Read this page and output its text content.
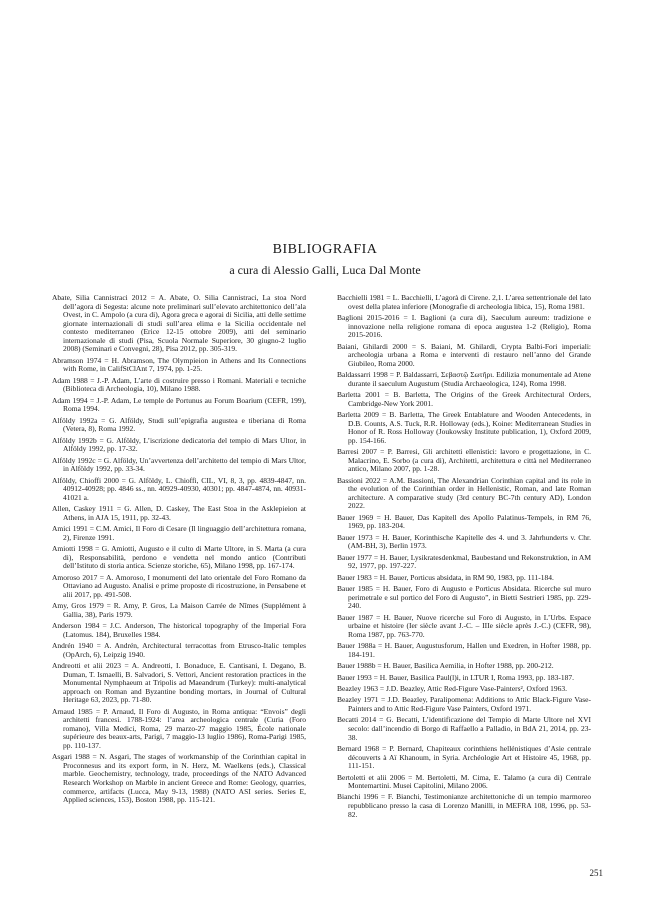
BIBLIOGRAFIA
a cura di Alessio Galli, Luca Dal Monte

Abate, Silia Cannistraci 2012 = A. Abate, O. Silia Cannistraci, La stoa Nord dell’agora di Segesta: alcune note preliminari sull’elevato architettonico dell’ala Ovest, in C. Ampolo (a cura di), Agora greca e agorai di Sicilia, atti delle settime giornate internazionali di studi sull’area elima e la Sicilia occidentale nel contesto mediterraneo (Erice 12-15 ottobre 2009), atti del seminario internazionale di studi (Pisa, Scuola Normale Superiore, 30 giugno-2 luglio 2008) (Seminari e Convegni, 28), Pisa 2012, pp. 305-319.

Abramson 1974 = H. Abramson, The Olympieion in Athens and Its Connections with Rome, in CalifStClAnt 7, 1974, pp. 1-25.

Adam 1988 = J.-P. Adam, L’arte di costruire presso i Romani. Materiali e tecniche (Biblioteca di Archeologia, 10), Milano 1988.

Adam 1994 = J.-P. Adam, Le temple de Portunus au Forum Boarium (CEFR, 199), Roma 1994.

Alföldy 1992a = G. Alföldy, Studi sull’epigrafia augustea e tiberiana di Roma (Vetera, 8), Roma 1992.

Alföldy 1992b = G. Alföldy, L’iscrizione dedicatoria del tempio di Mars Ultor, in Alföldy 1992, pp. 17-32.

Alföldy 1992c = G. Alföldy, Un’avvertenza dell’architetto del tempio di Mars Ultor, in Alföldy 1992, pp. 33-34.

Alföldy, Chioffi 2000 = G. Alföldy, L. Chioffi, CIL, VI, 8, 3, pp. 4839-4847, nn. 40912-40928; pp. 4846 ss., nn. 40929-40930, 40301; pp. 4847-4874, nn. 40931-41021 a.

Allen, Caskey 1911 = G. Allen, D. Caskey, The East Stoa in the Asklepieion at Athens, in AJA 15, 1911, pp. 32-43.

Amici 1991 = C.M. Amici, Il Foro di Cesare (Il linguaggio dell’architettura romana, 2), Firenze 1991.

Amiotti 1998 = G. Amiotti, Augusto e il culto di Marte Ultore, in S. Marta (a cura di), Responsabilità, perdono e vendetta nel mondo antico (Contributi dell’Istituto di storia antica. Scienze storiche, 65), Milano 1998, pp. 167-174.

Amoroso 2017 = A. Amoroso, I monumenti del lato orientale del Foro Romano da Ottaviano ad Augusto. Analisi e prime proposte di ricostruzione, in Pensabene et alii 2017, pp. 491-508.

Amy, Gros 1979 = R. Amy, P. Gros, La Maison Carrée de Nîmes (Supplément à Gallia, 38), Paris 1979.

Anderson 1984 = J.C. Anderson, The historical topography of the Imperial Fora (Latomus. 184), Bruxelles 1984.

Andrén 1940 = A. Andrén, Architectural terracottas from Etrusco-Italic temples (OpArch, 6), Leipzig 1940.

Andreotti et alii 2023 = A. Andreotti, I. Bonaduce, E. Cantisani, I. Degano, B. Duman, T. Ismaelli, B. Salvadori, S. Vettori, Ancient restoration practices in the Monumental Nymphaeum at Tripolis ad Maeandrum (Turkey): multi-analytical approach on Roman and Byzantine bonding mortars, in Journal of Cultural Heritage 63, 2023, pp. 71-80.

Arnaud 1985 = P. Arnaud, Il Foro di Augusto, in Roma antiqua: “Envois” degli architetti francesi. 1788-1924: l’area archeologica centrale (Curia (Foro romano), Villa Medici, Roma, 29 marzo-27 maggio 1985, École nationale supérieure des beaux-arts, Parigi, 7 maggio-13 luglio 1986), Roma-Parigi 1985, pp. 110-137.

Asgari 1988 = N. Asgari, The stages of workmanship of the Corinthian capital in Proconnesus and its export form, in N. Herz, M. Waelkens (eds.), Classical marble. Geochemistry, technology, trade, proceedings of the NATO Advanced Research Workshop on Marble in ancient Greece and Rome: Geology, quarries, commerce, artifacts (Lucca, May 9-13, 1988) (NATO ASI series. Series E, Applied sciences, 153), Boston 1988, pp. 115-121.

Bacchielli 1981 = L. Bacchielli, L’agorà di Cirene. 2,1. L’area settentrionale del lato ovest della platea inferiore (Monografie di archeologia libica, 15), Roma 1981.

Baglioni 2015-2016 = I. Baglioni (a cura di), Saeculum aureum: tradizione e innovazione nella religione romana di epoca augustea 1-2 (Religio), Roma 2015-2016.

Baiani, Ghilardi 2000 = S. Baiani, M. Ghilardi, Crypta Balbi-Fori imperiali: archeologia urbana a Roma e interventi di restauro nell’anno del Grande Giubileo, Roma 2000.

Baldassarri 1998 = P. Baldassarri, Σεβαστῷ Σωτῆρι. Edilizia monumentale ad Atene durante il saeculum Augustum (Studia Archaeologica, 124), Roma 1998.

Barletta 2001 = B. Barletta, The Origins of the Greek Architectural Orders, Cambridge-New York 2001.

Barletta 2009 = B. Barletta, The Greek Entablature and Wooden Antecedents, in D.B. Counts, A.S. Tuck, R.R. Holloway (eds.), Koine: Mediterranean Studies in Honor of R. Ross Holloway (Joukowsky Institute publication, 1), Oxford 2009, pp. 154-166.

Barresi 2007 = P. Barresi, Gli architetti ellenistici: lavoro e progettazione, in C. Malacrino, E. Sorbo (a cura di), Architetti, architettura e città nel Mediterraneo antico, Milano 2007, pp. 1-28.

Bassioni 2022 = A.M. Bassioni, The Alexandrian Corinthian capital and its role in the evolution of the Corinthian order in Hellenistic, Roman, and late Roman architecture. A comparative study (3rd century BC-7th century AD), London 2022.

Bauer 1969 = H. Bauer, Das Kapitell des Apollo Palatinus-Tempels, in RM 76, 1969, pp. 183-204.

Bauer 1973 = H. Bauer, Korinthische Kapitelle des 4. und 3. Jahrhunderts v. Chr. (AM-BH, 3), Berlin 1973.

Bauer 1977 = H. Bauer, Lysikratesdenkmal, Baubestand und Rekonstruktion, in AM 92, 1977, pp. 197-227.

Bauer 1983 = H. Bauer, Porticus absidata, in RM 90, 1983, pp. 111-184.

Bauer 1985 = H. Bauer, Foro di Augusto e Porticus Absidata. Ricerche sul muro perimetrale e sul portico del Foro di Augusto”, in Bietti Sestrieri 1985, pp. 229-240.

Bauer 1987 = H. Bauer, Nuove ricerche sul Foro di Augusto, in L’Urbs. Espace urbaine et histoire (Ier siècle avant J.-C. – IIIe siècle après J.-C.) (CEFR, 98), Roma 1987, pp. 763-770.

Bauer 1988a = H. Bauer, Augustusforum, Hallen und Exedren, in Hofter 1988, pp. 184-191.

Bauer 1988b = H. Bauer, Basilica Aemilia, in Hofter 1988, pp. 200-212.

Bauer 1993 = H. Bauer, Basilica Paul(l)i, in LTUR I, Roma 1993, pp. 183-187.

Beazley 1963 = J.D. Beazley, Attic Red-Figure Vase-Painters², Oxford 1963.

Beazley 1971 = J.D. Beazley, Paralipomena: Additions to Attic Black-Figure Vase-Painters and to Attic Red-Figure Vase Painters, Oxford 1971.

Becatti 2014 = G. Becatti, L’identificazione del Tempio di Marte Ultore nel XVI secolo: dall’incendio di Borgo di Raffaello a Palladio, in BdA 21, 2014, pp. 23-38.

Bernard 1968 = P. Bernard, Chapiteaux corinthiens hellénistiques d’Asie centrale découverts à Aï Khanoum, in Syria. Archéologie Art et Histoire 45, 1968, pp. 111-151.

Bertoletti et alii 2006 = M. Bertoletti, M. Cima, E. Talamo (a cura di) Centrale Montemartini. Musei Capitolini, Milano 2006.

Bianchi 1996 = F. Bianchi, Testimonianze architettoniche di un tempio marmoreo repubblicano presso la casa di Lorenzo Manilli, in MEFRA 108, 1996, pp. 53-82.

251
